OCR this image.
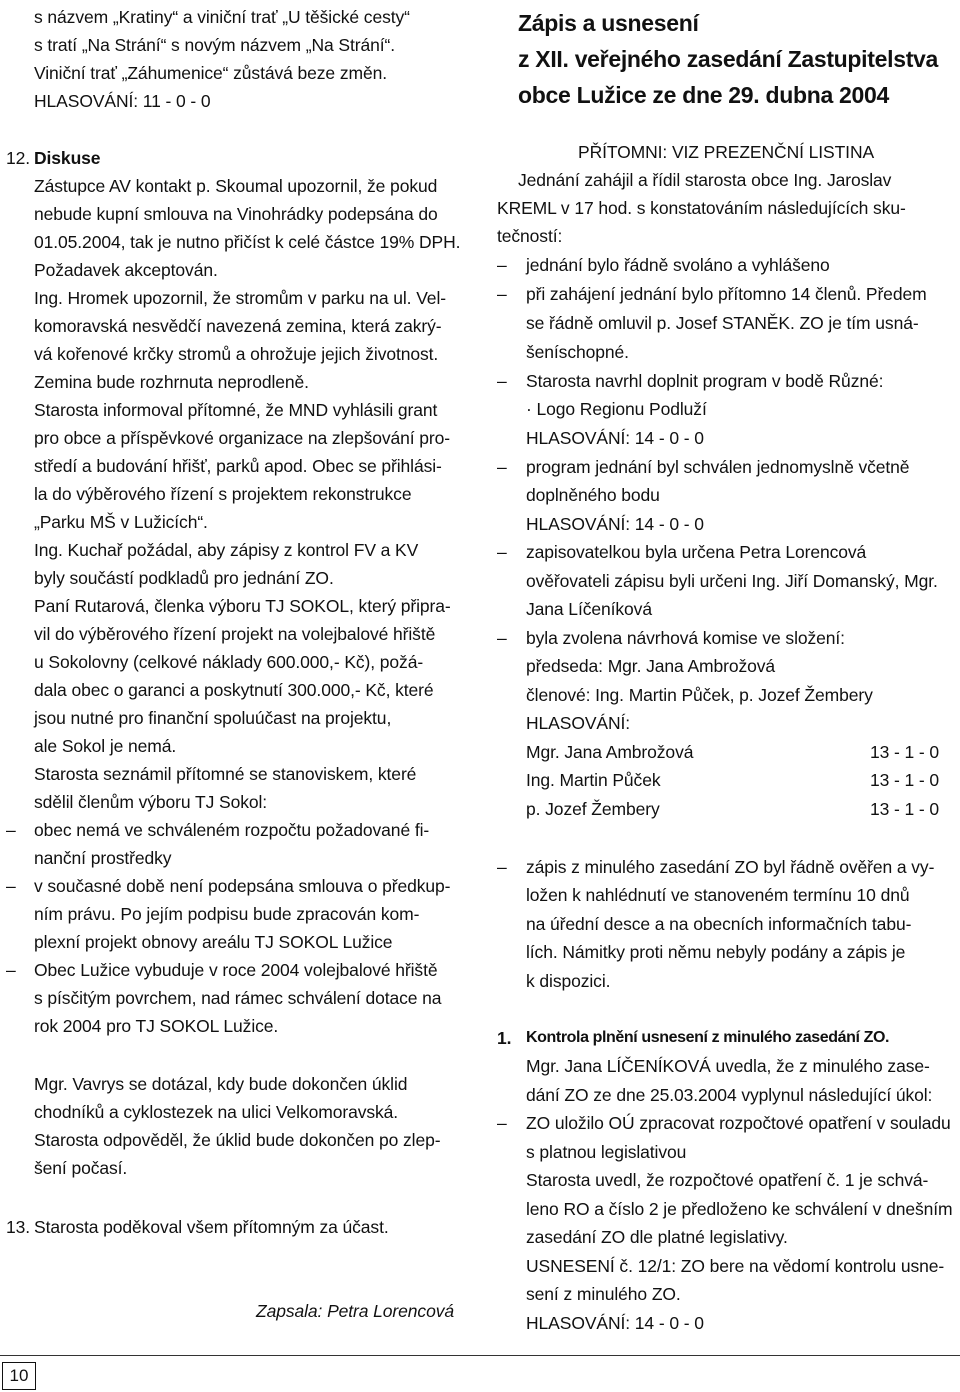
s názvem „Kratiny“ a viniční trať „U těšické cesty“
s tratí „Na Strání“ s novým názvem „Na Strání“.
Viniční trať „Záhumenice“ zůstává beze změn.
HLASOVÁNÍ: 11 - 0 - 0
12. Diskuse
Zástupce AV kontakt p. Skoumal upozornil, že pokud
nebude kupní smlouva na Vinohrádky podepsána do
01.05.2004, tak je nutno přičíst k celé částce 19% DPH.
Požadavek akceptován.
Ing. Hromek upozornil, že stromům v parku na ul. Vel-
komoravská nesvědčí navezená zemina, která zakrý-
vá kořenové krčky stromů a ohrožuje jejich životnost.
Zemina bude rozhrnuta neprodleně.
Starosta informoval přítomné, že MND vyhlásili grant
pro obce a příspěvkové organizace na zlepšování pro-
středí a budování hřišť, parků apod. Obec se přihlási-
la do výběrového řízení s projektem rekonstrukce
„Parku MŠ v Lužicích“.
Ing. Kuchař požádal, aby zápisy z kontrol FV a KV
byly součástí podkladů pro jednání ZO.
Paní Rutarová, členka výboru TJ SOKOL, který připra-
vil do výběrového řízení projekt na volejbalové hřiště
u Sokolovny (celkové náklady 600.000,- Kč), požá-
dala obec o garanci a poskytnutí 300.000,- Kč, které
jsou nutné pro finanční spoluúčast na projektu,
ale Sokol je nemá.
Starosta seznámil přítomné se stanoviskem, které
sdělil členům výboru TJ Sokol:
– obec nemá ve schváleném rozpočtu požadované fi-
nanční prostředky
– v současné době není podepsána smlouva o předkup-
ním právu. Po jejím podpisu bude zpracován kom-
plexní projekt obnovy areálu TJ SOKOL Lužice
– Obec Lužice vybuduje v roce 2004 volejbalové hřiště
s písčitým povrchem, nad rámec schválení dotace na
rok 2004 pro TJ SOKOL Lužice.
Mgr. Vavrys se dotázal, kdy bude dokončen úklid
chodníků a cyklostezek na ulici Velkomoravská.
Starosta odpověděl, že úklid bude dokončen po zlep-
šení počasí.
13. Starosta poděkoval všem přítomným za účast.
Zapsala: Petra Lorencová
Zápis a usnesení
z XII. veřejného zasedání Zastupitelstva
obce Lužice ze dne 29. dubna 2004
PŘÍTOMNI: VIZ PREZENČNÍ LISTINA
Jednání zahájil a řídil starosta obce Ing. Jaroslav
KREML v 17 hod. s konstatováním následujících sku-
tečností:
– jednání bylo řádně svoláno a vyhlášeno
– při zahájení jednání bylo přítomno 14 členů. Předem
se řádně omluvil p. Josef STANĚK. ZO je tím usná-
šeníschopné.
– Starosta navrhl doplnit program v bodě Různé:
· Logo Regionu Podluží
HLASOVÁNÍ: 14 - 0 - 0
– program jednání byl schválen jednomyslně včetně
doplněného bodu
HLASOVÁNÍ: 14 - 0 - 0
– zapisovatelkou byla určena Petra Lorencová
ověřovateli zápisu byli určeni Ing. Jiří Domanský, Mgr.
Jana Líčeníková
– byla zvolena návrhová komise ve složení:
předseda: Mgr. Jana Ambrožová
členové: Ing. Martin Půček, p. Jozef Žembery
HLASOVÁNÍ:
Mgr. Jana Ambrožová	13 - 1 - 0
Ing. Martin Půček	13 - 1 - 0
p. Jozef Žembery	13 - 1 - 0
– zápis z minulého zasedání ZO byl řádně ověřen a vy-
ložen k nahlédnutí ve stanoveném termínu 10 dnů
na úřední desce a na obecních informačních tabu-
lích. Námitky proti němu nebyly podány a zápis je
k dispozici.
1. Kontrola plnění usnesení z minulého zasedání ZO.
Mgr. Jana LÍČENÍKOVÁ uvedla, že z minulého zase-
dání ZO ze dne 25.03.2004 vyplynul následující úkol:
– ZO uložilo OÚ zpracovat rozpočtové opatření v souladu
s platnou legislativou
Starosta uvedl, že rozpočtové opatření č. 1 je schvá-
leno RO a číslo 2 je předloženo ke schválení v dnešním
zasedání ZO dle platné legislativy.
USNESENÍ č. 12/1: ZO bere na vědomí kontrolu usne-
sení z minulého ZO.
HLASOVÁNÍ: 14 - 0 - 0
10
